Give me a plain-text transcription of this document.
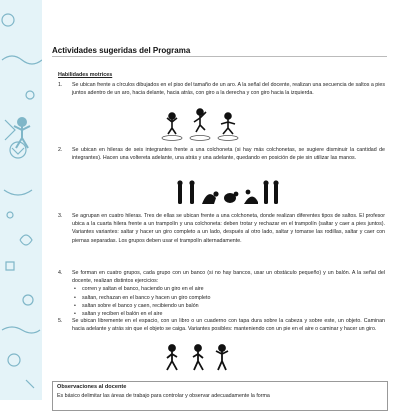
Actividades sugeridas del Programa
Habilidades motrices
1. Se ubican frente a círculos dibujados en el piso del tamaño de un aro. A la señal del docente, realizan una secuencia de saltos a pies juntos adentro de un aro, hacia delante, hacia atrás, con giro a la derecha y con giro hacia la izquierda.
2. Se ubican en hileras de seis integrantes frente a una colchoneta (si hay más colchonetas, se sugiere disminuir la cantidad de integrantes). Hacen una voltereta adelante, una atrás y una adelante, quedando en posición de pie sin utilizar las manos.
3. Se agrupan en cuatro hileras. Tres de ellas se ubican frente a una colchoneta, donde realizan diferentes tipos de saltos. El profesor ubica a la cuarta hilera frente a un trampolín y una colchoneta: deben trotar y rechazar en el trampolín (saltar y caer a pies juntos). Variantes variantes: saltar y hacer un giro completo a un lado, después al otro lado, saltar y tomarse las rodillas, saltar y caer con piernas separadas. Los grupos deben usar el trampolín alternadamente.
4. Se forman en cuatro grupos, cada grupo con un banco (si no hay bancos, usar un obstáculo pequeño) y un balón. A la señal del docente, realizan distintos ejercicios:
• corren y saltan el banco, haciendo un giro en el aire
• saltan, rechazan en el banco y hacen un giro completo
• saltan sobre el banco y caen, recibiendo un balón
• saltan y reciben el balón en el aire
5. Se ubican libremente en el espacio, con un libro o un cuaderno con tapa dura sobre la cabeza y sobre este, un objeto. Caminan hacia adelante y atrás sin que el objeto se caiga. Variantes posibles: manteniendo con un pie en el aire o caminar y hacer un giro.
Observaciones al docente
Es básico delimitar las áreas de trabajo para controlar y observar adecuadamente la forma
